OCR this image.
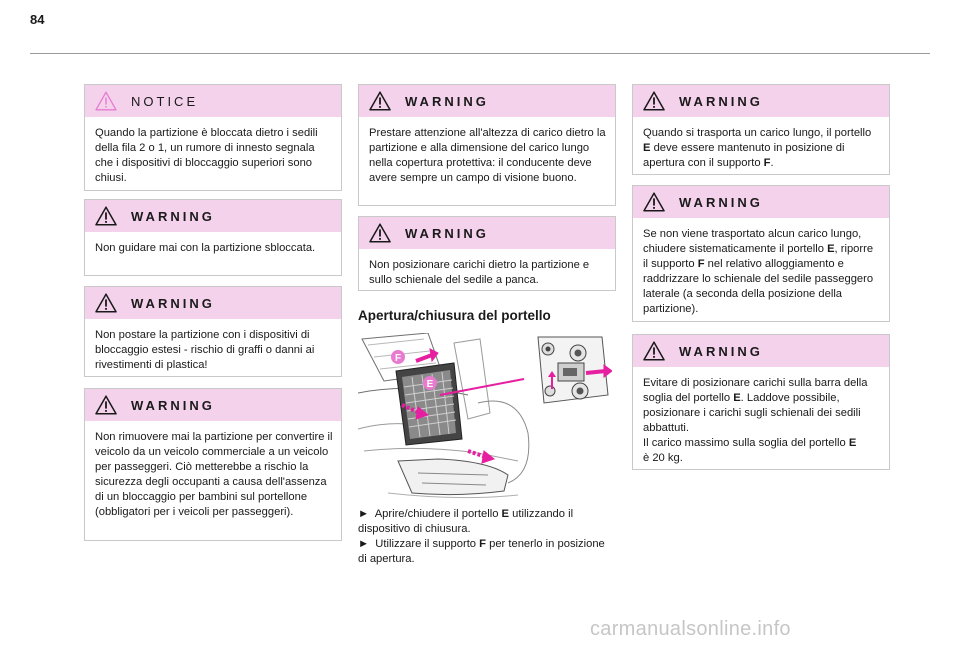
84
NOTICE
Quando la partizione è bloccata dietro i sedili della fila 2 o 1, un rumore di innesto segnala che i dispositivi di bloccaggio superiori sono chiusi.
WARNING
Non guidare mai con la partizione sbloccata.
WARNING
Non postare la partizione con i dispositivi di bloccaggio estesi - rischio di graffi o danni ai rivestimenti di plastica!
WARNING
Non rimuovere mai la partizione per convertire il veicolo da un veicolo commerciale a un veicolo per passeggeri. Ciò metterebbe a rischio la sicurezza degli occupanti a causa dell'assenza di un bloccaggio per bambini sul portellone (obbligatori per i veicoli per passeggeri).
WARNING
Prestare attenzione all'altezza di carico dietro la partizione e alla dimensione del carico lungo nella copertura protettiva: il conducente deve avere sempre un campo di visione buono.
WARNING
Non posizionare carichi dietro la partizione e sullo schienale del sedile a panca.
Apertura/chiusura del portello
F
E
► Aprire/chiudere il portello E utilizzando il dispositivo di chiusura.
► Utilizzare il supporto F per tenerlo in posizione di apertura.
WARNING
Quando si trasporta un carico lungo, il portello E deve essere mantenuto in posizione di apertura con il supporto F.
WARNING
Se non viene trasportato alcun carico lungo, chiudere sistematicamente il portello E, riporre il supporto F nel relativo alloggiamento e raddrizzare lo schienale del sedile passeggero laterale (a seconda della posizione della partizione).
WARNING
Evitare di posizionare carichi sulla barra della soglia del portello E. Laddove possibile, posizionare i carichi sugli schienali dei sedili abbattuti.
Il carico massimo sulla soglia del portello E
è 20 kg.
carmanualsonline.info
